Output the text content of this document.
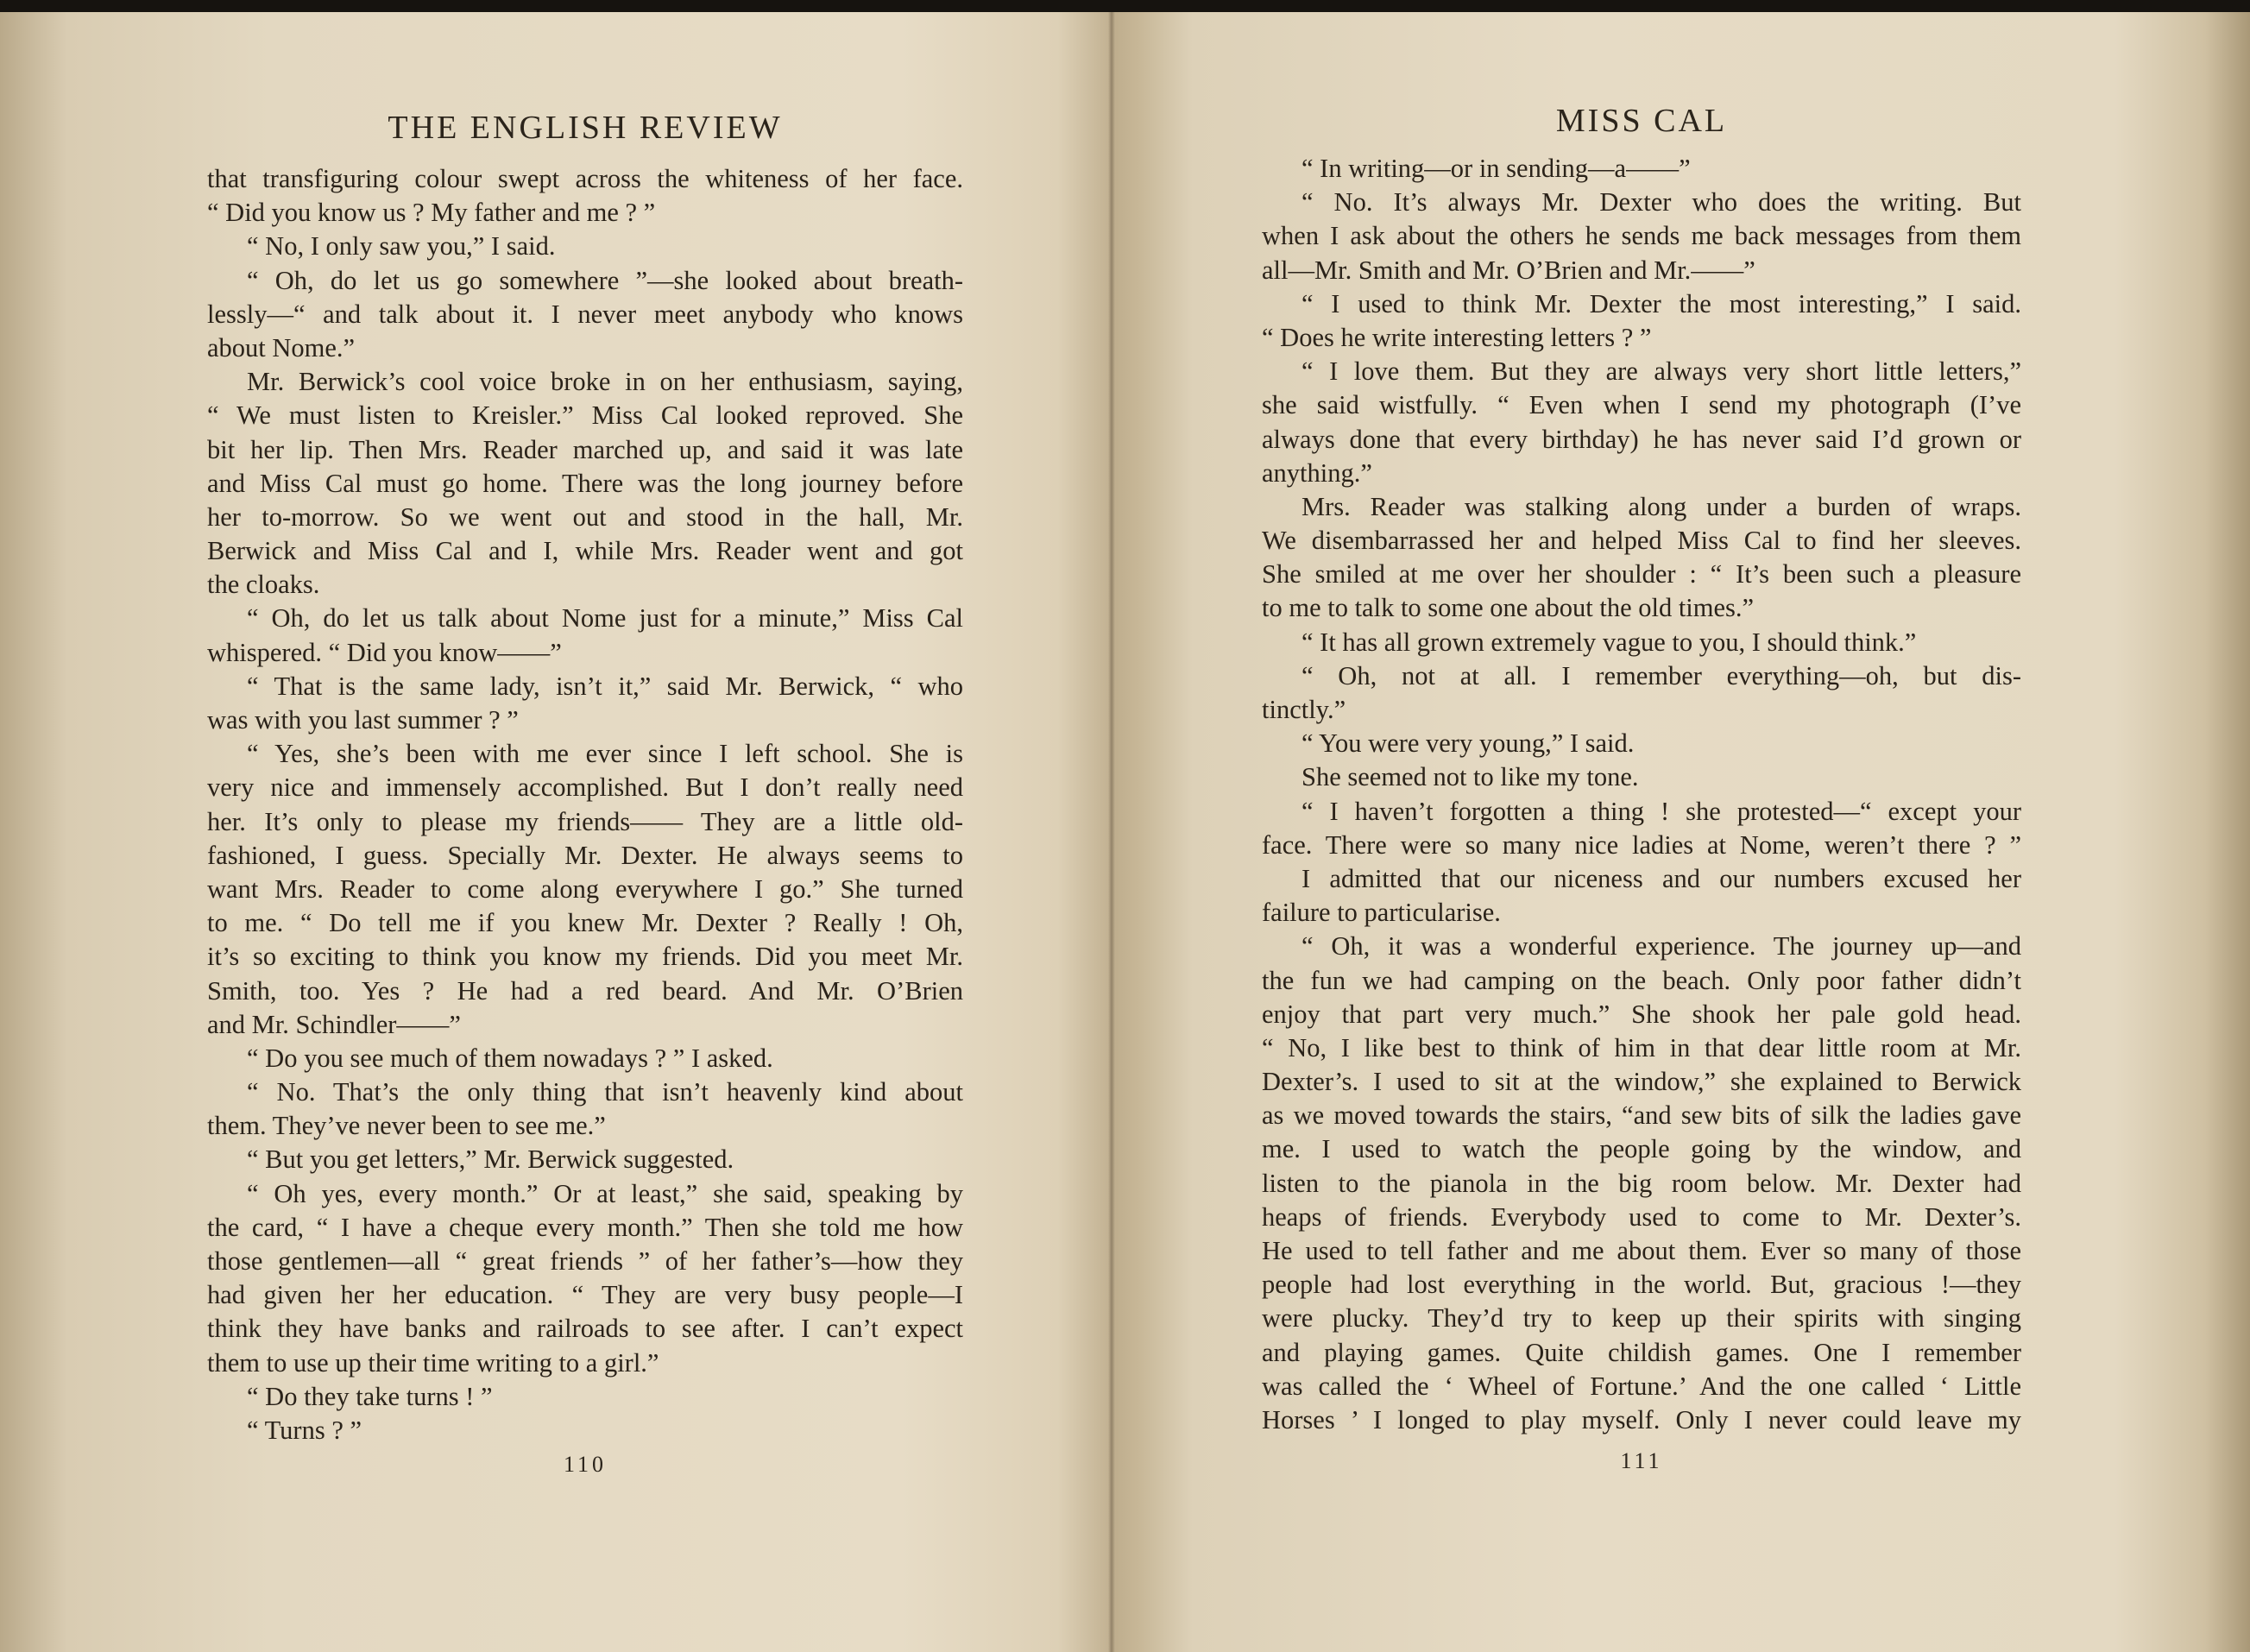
THE ENGLISH REVIEW
that transfiguring colour swept across the whiteness of her face.
“ Did you know us ? My father and me ? ”
“ No, I only saw you,” I said.
“ Oh, do let us go somewhere ”—she looked about breath-
lessly—“ and talk about it. I never meet anybody who knows
about Nome.”
Mr. Berwick’s cool voice broke in on her enthusiasm, saying,
“ We must listen to Kreisler.” Miss Cal looked reproved. She
bit her lip. Then Mrs. Reader marched up, and said it was late
and Miss Cal must go home. There was the long journey before
her to-morrow. So we went out and stood in the hall, Mr.
Berwick and Miss Cal and I, while Mrs. Reader went and got
the cloaks.
“ Oh, do let us talk about Nome just for a minute,” Miss Cal
whispered. “ Did you know——”
“ That is the same lady, isn’t it,” said Mr. Berwick, “ who
was with you last summer ? ”
“ Yes, she’s been with me ever since I left school. She is
very nice and immensely accomplished. But I don’t really need
her. It’s only to please my friends—— They are a little old-
fashioned, I guess. Specially Mr. Dexter. He always seems to
want Mrs. Reader to come along everywhere I go.” She turned
to me. “ Do tell me if you knew Mr. Dexter ? Really ! Oh,
it’s so exciting to think you know my friends. Did you meet Mr.
Smith, too. Yes ? He had a red beard. And Mr. O’Brien
and Mr. Schindler——”
“ Do you see much of them nowadays ? ” I asked.
“ No. That’s the only thing that isn’t heavenly kind about
them. They’ve never been to see me.”
“ But you get letters,” Mr. Berwick suggested.
“ Oh yes, every month.” Or at least,” she said, speaking by
the card, “ I have a cheque every month.” Then she told me how
those gentlemen—all “ great friends ” of her father’s—how they
had given her her education. “ They are very busy people—I
think they have banks and railroads to see after. I can’t expect
them to use up their time writing to a girl.”
“ Do they take turns ! ”
“ Turns ? ”
110
MISS CAL
“ In writing—or in sending—a——”
“ No. It’s always Mr. Dexter who does the writing. But
when I ask about the others he sends me back messages from them
all—Mr. Smith and Mr. O’Brien and Mr.——”
“ I used to think Mr. Dexter the most interesting,” I said.
“ Does he write interesting letters ? ”
“ I love them. But they are always very short little letters,”
she said wistfully. “ Even when I send my photograph (I’ve
always done that every birthday) he has never said I’d grown or
anything.”
Mrs. Reader was stalking along under a burden of wraps.
We disembarrassed her and helped Miss Cal to find her sleeves.
She smiled at me over her shoulder : “ It’s been such a pleasure
to me to talk to some one about the old times.”
“ It has all grown extremely vague to you, I should think.”
“ Oh, not at all. I remember everything—oh, but dis-
tinctly.”
“ You were very young,” I said.
She seemed not to like my tone.
“ I haven’t forgotten a thing ! she protested—“ except your
face. There were so many nice ladies at Nome, weren’t there ? ”
I admitted that our niceness and our numbers excused her
failure to particularise.
“ Oh, it was a wonderful experience. The journey up—and
the fun we had camping on the beach. Only poor father didn’t
enjoy that part very much.” She shook her pale gold head.
“ No, I like best to think of him in that dear little room at Mr.
Dexter’s. I used to sit at the window,” she explained to Berwick
as we moved towards the stairs, “and sew bits of silk the ladies gave
me. I used to watch the people going by the window, and
listen to the pianola in the big room below. Mr. Dexter had
heaps of friends. Everybody used to come to Mr. Dexter’s.
He used to tell father and me about them. Ever so many of those
people had lost everything in the world. But, gracious !—they
were plucky. They’d try to keep up their spirits with singing
and playing games. Quite childish games. One I remember
was called the ‘ Wheel of Fortune.’ And the one called ‘ Little
Horses ’ I longed to play myself. Only I never could leave my
111
